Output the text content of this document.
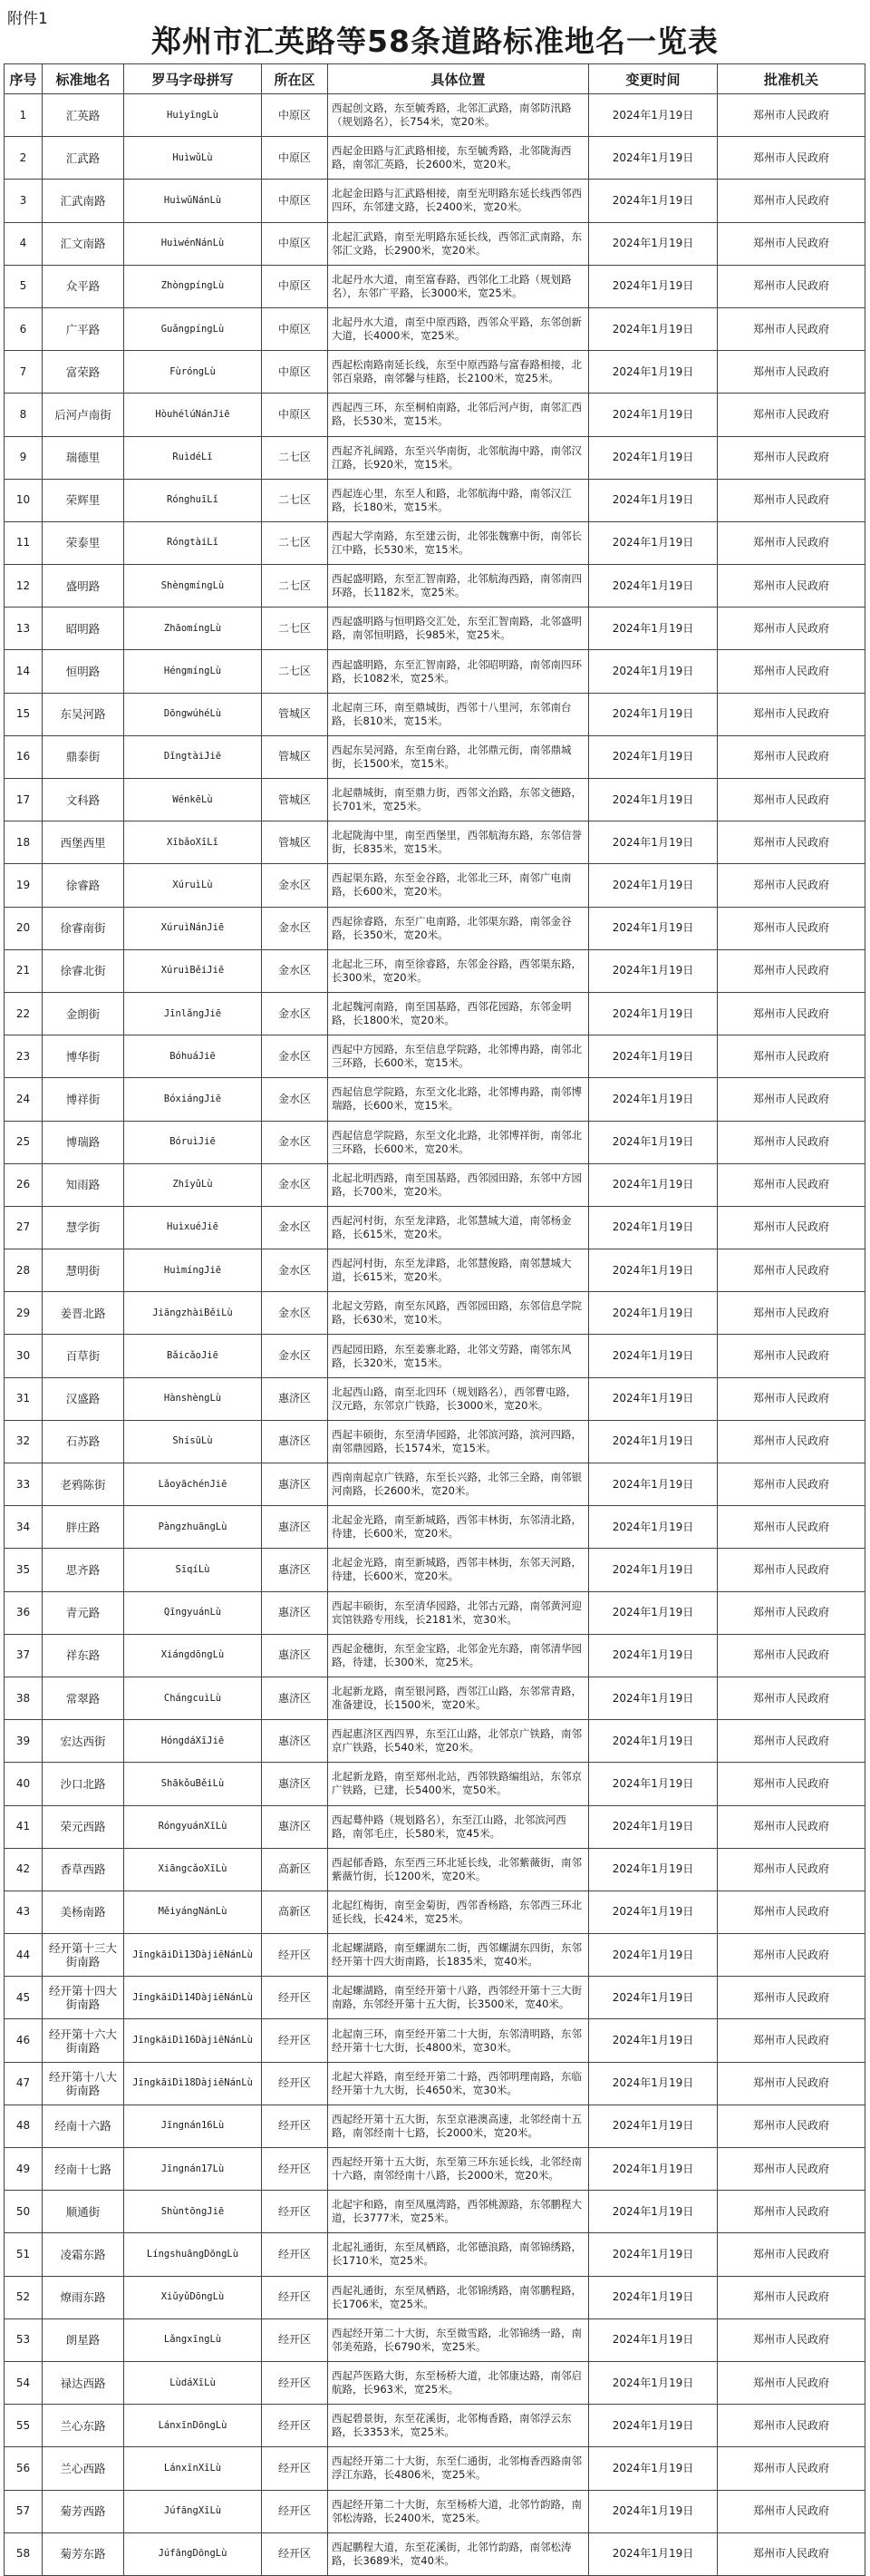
附件1
郑州市汇英路等58条道路标准地名一览表
序号	标准地名	罗马字母拼写	所在区	具体位置	变更时间	批准机关
1	汇英路	HuìyīngLù	中原区	西起创文路，东至毓秀路，北邻汇武路，南邻防汛路（规划路名），长754米，宽20米。	2024年1月19日	郑州市人民政府
2	汇武路	HuìwǔLù	中原区	西起金田路与汇武路相接，东至毓秀路，北邻陇海西路，南邻汇英路，长2600米，宽20米。	2024年1月19日	郑州市人民政府
3	汇武南路	HuìwǔNánLù	中原区	北起金田路与汇武路相接，南至光明路东延长线西邻西四环，东邻建文路，长2400米，宽20米。	2024年1月19日	郑州市人民政府
4	汇文南路	HuìwénNánLù	中原区	北起汇武路，南至光明路东延长线，西邻汇武南路，东邻汇文路，长2900米，宽20米。	2024年1月19日	郑州市人民政府
5	众平路	ZhòngpíngLù	中原区	北起丹水大道，南至富春路，西邻化工北路（规划路名），东邻广平路，长3000米，宽25米。	2024年1月19日	郑州市人民政府
6	广平路	GuǎngpíngLù	中原区	北起丹水大道，南至中原西路，西邻众平路，东邻创新大道，长4000米，宽25米。	2024年1月19日	郑州市人民政府
7	富荣路	FùróngLù	中原区	西起松南路南延长线，东至中原西路与富春路相接，北邻百泉路，南邻馨与桂路，长2100米，宽25米。	2024年1月19日	郑州市人民政府
8	后河卢南街	HòuhélúNánJiē	中原区	西起西三环，东至桐柏南路，北邻后河卢街，南邻汇西路，长530米，宽15米。	2024年1月19日	郑州市人民政府
9	瑞德里	RuìdéLǐ	二七区	西起齐礼阔路，东至兴华南街，北邻航海中路，南邻汉江路，长920米，宽15米。	2024年1月19日	郑州市人民政府
10	荣辉里	RónghuīLǐ	二七区	西起连心里，东至人和路，北邻航海中路，南邻汉江路，长180米，宽15米。	2024年1月19日	郑州市人民政府
11	荣泰里	RóngtàiLǐ	二七区	西起大学南路，东至建云街，北邻张魏寨中街，南邻长江中路，长530米，宽15米。	2024年1月19日	郑州市人民政府
12	盛明路	ShèngmíngLù	二七区	西起盛明路，东至汇智南路，北邻航海西路，南邻南四环路，长1182米，宽25米。	2024年1月19日	郑州市人民政府
13	昭明路	ZhāomíngLù	二七区	西起盛明路与恒明路交汇处，东至汇智南路，北邻盛明路，南邻恒明路，长985米，宽25米。	2024年1月19日	郑州市人民政府
14	恒明路	HéngmíngLù	二七区	西起盛明路，东至汇智南路，北邻昭明路，南邻南四环路，长1082米，宽25米。	2024年1月19日	郑州市人民政府
15	东吴河路	DōngwúhéLù	管城区	北起南三环，南至鼎城街，西邻十八里河，东邻南台路，长810米，宽15米。	2024年1月19日	郑州市人民政府
16	鼎泰街	DǐngtàiJiē	管城区	西起东吴河路，东至南台路，北邻鼎元街，南邻鼎城街，长1500米，宽15米。	2024年1月19日	郑州市人民政府
17	文科路	WénkēLù	管城区	北起鼎城街，南至鼎力街，西邻文治路，东邻文德路，长701米，宽25米。	2024年1月19日	郑州市人民政府
18	西堡西里	XībǎoXīLǐ	管城区	北起陇海中里，南至西堡里，西邻航海东路，东邻信誉街，长835米，宽15米。	2024年1月19日	郑州市人民政府
19	徐睿路	XúruìLù	金水区	西起渠东路，东至金谷路，北邻北三环，南邻广电南路，长600米，宽20米。	2024年1月19日	郑州市人民政府
20	徐睿南街	XúruìNánJiē	金水区	西起徐睿路，东至广电南路，北邻渠东路，南邻金谷路，长350米，宽20米。	2024年1月19日	郑州市人民政府
21	徐睿北街	XúruìBěiJiē	金水区	北起北三环，南至徐睿路，东邻金谷路，西邻渠东路，长300米，宽20米。	2024年1月19日	郑州市人民政府
22	金朗街	JīnlǎngJiē	金水区	北起魏河南路，南至国基路，西邻花园路，东邻金明路，长1800米，宽20米。	2024年1月19日	郑州市人民政府
23	博华街	BóhuáJiē	金水区	西起中方园路，东至信息学院路，北邻博冉路，南邻北三环路，长600米，宽15米。	2024年1月19日	郑州市人民政府
24	博祥街	BóxiángJiē	金水区	西起信息学院路，东至文化北路，北邻博冉路，南邻博瑞路，长600米，宽15米。	2024年1月19日	郑州市人民政府
25	博瑞路	BóruìJiē	金水区	西起信息学院路，东至文化北路，北邻博祥街，南邻北三环路，长600米，宽20米。	2024年1月19日	郑州市人民政府
26	知雨路	ZhīyǔLù	金水区	北起北明西路，南至国基路，西邻园田路，东邻中方园路，长700米，宽20米。	2024年1月19日	郑州市人民政府
27	慧学街	HuìxuéJiē	金水区	西起河村街，东至龙津路，北邻慧城大道，南邻杨金路，长615米，宽20米。	2024年1月19日	郑州市人民政府
28	慧明街	HuìmíngJiē	金水区	西起河村街，东至龙津路，北邻慧俊路，南邻慧城大道，长615米，宽20米。	2024年1月19日	郑州市人民政府
29	姜晋北路	JiāngzhàiBěiLù	金水区	北起文劳路，南至东风路，西邻园田路，东邻信息学院路，长630米，宽10米。	2024年1月19日	郑州市人民政府
30	百草街	BǎicǎoJiē	金水区	西起园田路，东至姜寨北路，北邻文劳路，南邻东风路，长320米，宽15米。	2024年1月19日	郑州市人民政府
31	汉盛路	HànshèngLù	惠济区	北起西山路，南至北四环（规划路名），西邻曹屯路，汉元路，东邻京广铁路，长3000米，宽20米。	2024年1月19日	郑州市人民政府
32	石苏路	ShísūLù	惠济区	西起丰硕街，东至清华园路，北邻滨河路，滨河四路，南邻鼎园路，长1574米，宽15米。	2024年1月19日	郑州市人民政府
33	老鸦陈街	LǎoyāchénJiē	惠济区	西南南起京广铁路，东至长兴路，北邻三全路，南邻银河南路，长2600米，宽20米。	2024年1月19日	郑州市人民政府
34	胖庄路	PàngzhuāngLù	惠济区	北起金光路，南至新城路，西邻丰林街，东邻清北路，待建，长600米，宽20米。	2024年1月19日	郑州市人民政府
35	思齐路	SīqíLù	惠济区	北起金光路，南至新城路，西邻丰林街，东邻天河路，待建，长600米，宽20米。	2024年1月19日	郑州市人民政府
36	青元路	QīngyuánLù	惠济区	西起丰硕街，东至清华园路，北邻古元路，南邻黄河迎宾馆铁路专用线，长2181米，宽30米。	2024年1月19日	郑州市人民政府
37	祥东路	XiángdōngLù	惠济区	西起金穗街，东至金宝路，北邻金光东路，南邻清华园路，待建，长300米，宽25米。	2024年1月19日	郑州市人民政府
38	常翠路	ChángcuìLù	惠济区	北起新龙路，南至银河路，西邻江山路，东邻常青路，准备建设，长1500米，宽20米。	2024年1月19日	郑州市人民政府
39	宏达西街	HóngdáXīJiē	惠济区	西起惠济区西四界，东至江山路，北邻京广铁路，南邻京广铁路，长540米，宽20米。	2024年1月19日	郑州市人民政府
40	沙口北路	ShākǒuBěiLù	惠济区	北起新龙路，南至郑州北站，西邻铁路编组站，东邻京广铁路，已建，长5400米，宽50米。	2024年1月19日	郑州市人民政府
41	荣元西路	RóngyuánXīLù	惠济区	西起蓦仲路（规划路名），东至江山路，北邻滨河西路，南邻毛庄，长580米，宽45米。	2024年1月19日	郑州市人民政府
42	香草西路	XiāngcǎoXīLù	高新区	西起郁香路，东至西三环北延长线，北邻紫薇街，南邻紫薇竹街，长1200米，宽20米。	2024年1月19日	郑州市人民政府
43	美杨南路	MěiyángNánLù	高新区	北起红梅街，南至金菊街，西邻香杨路，东邻西三环北延长线，长424米，宽25米。	2024年1月19日	郑州市人民政府
44	经开第十三大街南路	JīngkāiDì13DàjiēNánLù	经开区	北起螺湖路，南至螺湖东二街，西邻螺湖东四街，东邻经开第十四大街南路，长1835米，宽40米。	2024年1月19日	郑州市人民政府
45	经开第十四大街南路	JīngkāiDì14DàjiēNánLù	经开区	北起螺湖路，南至经开第十八路，西邻经开第十三大街南路，东邻经开第十五大街，长3500米，宽40米。	2024年1月19日	郑州市人民政府
46	经开第十六大街南路	JīngkāiDì16DàjiēNánLù	经开区	北起南三环，南至经开第二十大街，东邻清明路，东邻经开第十七大街，长4800米，宽30米。	2024年1月19日	郑州市人民政府
47	经开第十八大街南路	JīngkāiDì18DàjiēNánLù	经开区	北起大祥路，南至经开第二十路，西邻明理南路，东临经开第十九大街，长4650米，宽30米。	2024年1月19日	郑州市人民政府
48	经南十六路	Jīngnán16Lù	经开区	西起经开第十五大街，东至京港澳高速，北邻经南十五路，南邻经南十七路，长2000米，宽20米。	2024年1月19日	郑州市人民政府
49	经南十七路	Jīngnán17Lù	经开区	西起经开第十五大街，东至第三环东延长线，北邻经南十六路，南邻经南十八路，长2000米，宽20米。	2024年1月19日	郑州市人民政府
50	顺通街	ShùntōngJiē	经开区	北起宇和路，南至凤凰湾路，西邻桃源路，东邻鹏程大道，长3777米，宽25米。	2024年1月19日	郑州市人民政府
51	凌霜东路	LíngshuāngDōngLù	经开区	北起礼通街，东至凤栖路，北邻德浪路，南邻锦绣路，长1710米，宽25米。	2024年1月19日	郑州市人民政府
52	燎雨东路	XiǔyǔDōngLù	经开区	西起礼通街，东至凤栖路，北邻锦绣路，南邻鹏程路，长1706米，宽25米。	2024年1月19日	郑州市人民政府
53	朗星路	LǎngxīngLù	经开区	西起经开第二十大街，东至微雪路，北邻锦绣一路，南邻美苑路，长6790米，宽25米。	2024年1月19日	郑州市人民政府
54	禄达西路	LùdáXīLù	经开区	西起芦医路大街，东至杨桥大道，北邻康达路，南邻启航路，长963米，宽25米。	2024年1月19日	郑州市人民政府
55	兰心东路	LánxīnDōngLù	经开区	西起碧景街，东至花溪街，北邻梅香路，南邻浮云东路，长3353米，宽25米。	2024年1月19日	郑州市人民政府
56	兰心西路	LánxīnXīLù	经开区	西起经开第二十大街，东至仁通街，北邻梅香西路南邻浮江东路，长4806米，宽25米。	2024年1月19日	郑州市人民政府
57	菊芳西路	JúfāngXīLù	经开区	西起经开第二十大街，东至杨桥大道，北邻竹韵路，南邻松涛路，长2400米，宽25米。	2024年1月19日	郑州市人民政府
58	菊芳东路	JúfāngDōngLù	经开区	西起鹏程大道，东至花溪街，北邻竹韵路，南邻松涛路，长3689米，宽40米。	2024年1月19日	郑州市人民政府
